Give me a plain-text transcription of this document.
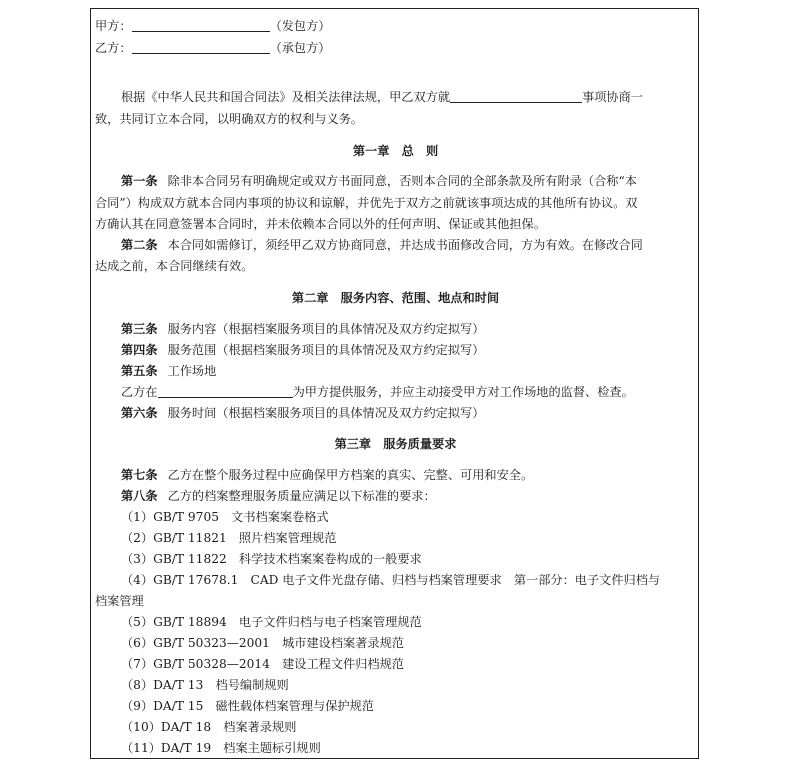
甲方：	（发包方）
乙方：	（承包方）
根据《中华人民共和国合同法》及相关法律法规，甲乙双方就	事项协商一
致，共同订立本合同，以明确双方的权利与义务。
第一章　总　则
第一条 除非本合同另有明确规定或双方书面同意，否则本合同的全部条款及所有附录（合称“本
合同”）构成双方就本合同内事项的协议和谅解，并优先于双方之前就该事项达成的其他所有协议。双
方确认其在同意签署本合同时，并未依赖本合同以外的任何声明、保证或其他担保。
第二条 本合同如需修订，须经甲乙双方协商同意，并达成书面修改合同，方为有效。在修改合同
达成之前，本合同继续有效。
第二章　服务内容、范围、地点和时间
第三条 服务内容（根据档案服务项目的具体情况及双方约定拟写）
第四条 服务范围（根据档案服务项目的具体情况及双方约定拟写）
第五条 工作场地
乙方在	为甲方提供服务，并应主动接受甲方对工作场地的监督、检查。
第六条 服务时间（根据档案服务项目的具体情况及双方约定拟写）
第三章　服务质量要求
第七条 乙方在整个服务过程中应确保甲方档案的真实、完整、可用和安全。
第八条 乙方的档案整理服务质量应满足以下标准的要求：
（1）GB/T 9705　文书档案案卷格式
（2）GB/T 11821　照片档案管理规范
（3）GB/T 11822　科学技术档案案卷构成的一般要求
（4）GB/T 17678.1　CAD 电子文件光盘存储、归档与档案管理要求　第一部分：电子文件归档与
档案管理
（5）GB/T 18894　电子文件归档与电子档案管理规范
（6）GB/T 50323—2001　城市建设档案著录规范
（7）GB/T 50328—2014　建设工程文件归档规范
（8）DA/T 13　档号编制规则
（9）DA/T 15　磁性载体档案管理与保护规范
（10）DA/T 18　档案著录规则
（11）DA/T 19　档案主题标引规则
